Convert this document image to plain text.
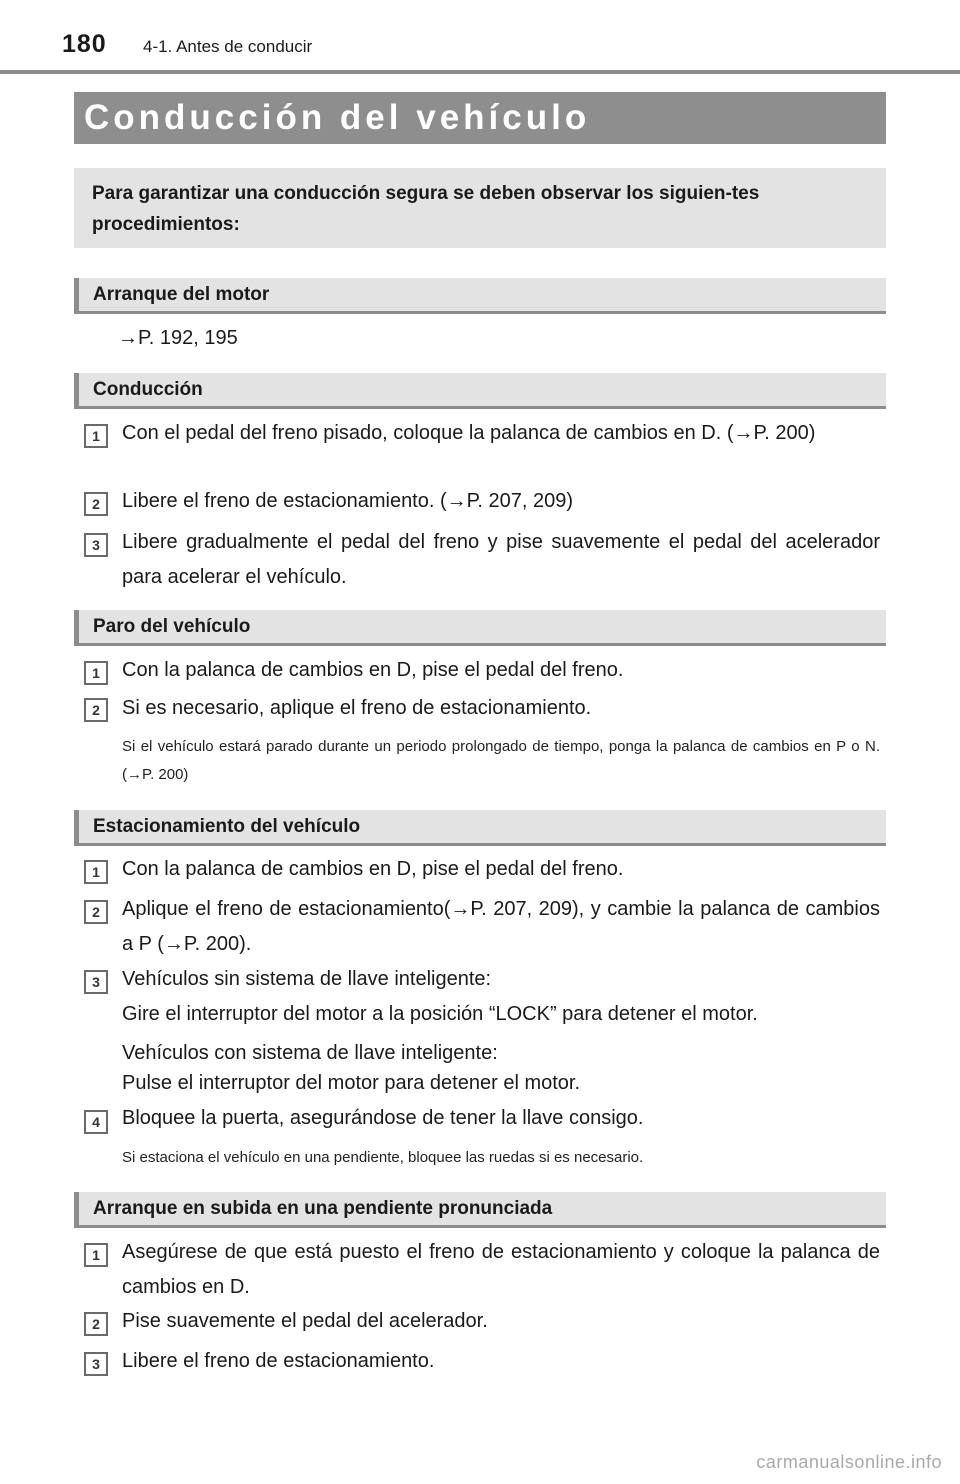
180 4-1. Antes de conducir
Conducción del vehículo
Para garantizar una conducción segura se deben observar los siguien-tes procedimientos:
Arranque del motor
→P. 192, 195
Conducción
1	Con el pedal del freno pisado, coloque la palanca de cambios en D. (→P. 200)
2	Libere el freno de estacionamiento. (→P. 207, 209)
3	Libere gradualmente el pedal del freno y pise suavemente el pedal del acelerador para acelerar el vehículo.
Paro del vehículo
1	Con la palanca de cambios en D, pise el pedal del freno.
2	Si es necesario, aplique el freno de estacionamiento.
Si el vehículo estará parado durante un periodo prolongado de tiempo, ponga la palanca de cambios en P o N. (→P. 200)
Estacionamiento del vehículo
1	Con la palanca de cambios en D, pise el pedal del freno.
2	Aplique el freno de estacionamiento(→P. 207, 209), y cambie la palanca de cambios a P (→P. 200).
3	Vehículos sin sistema de llave inteligente:
Gire el interruptor del motor a la posición “LOCK” para detener el motor.
Vehículos con sistema de llave inteligente:
Pulse el interruptor del motor para detener el motor.
4	Bloquee la puerta, asegurándose de tener la llave consigo.
Si estaciona el vehículo en una pendiente, bloquee las ruedas si es necesario.
Arranque en subida en una pendiente pronunciada
1	Asegúrese de que está puesto el freno de estacionamiento y coloque la palanca de cambios en D.
2	Pise suavemente el pedal del acelerador.
3	Libere el freno de estacionamiento.
carmanualsonline.info
